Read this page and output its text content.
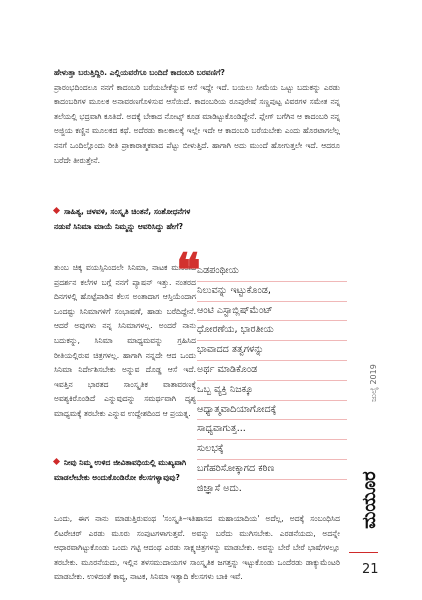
ಹೇಳುತ್ತಾ ಬರುತ್ತಿದ್ದಿರಿ. ಎಲ್ಲಿಯವರೆಗೂ ಬಂದಿದೆ ಕಾದಂಬರಿ ಬರವಣಿಗೆ?
ಪ್ರಾರಂಭದಿಂದಲೂ ನನಗೆ ಕಾದಂಬರಿ ಬರೆಯಬೇಕೆನ್ನುವ ಆಸೆ ಇದ್ದೇ ಇದೆ. ಬಯಲು ಸೀಮೆಯ ಒಟ್ಟು ಬದುಕನ್ನು ಎರಡು ಕಾದಂಬರಿಗಳ ಮೂಲಕ ಅನಾವರಣಗೊಳಿಸುವ ಆಸೆಯಿದೆ. ಕಾದಂಬರಿಯ ರೂಪುರೇಷೆ ಸಣ್ಣಪುಟ್ಟ ವಿವರಗಳ ಸಮೇತ ನನ್ನ ತಲೆಯಲ್ಲಿ ಭದ್ರವಾಗಿ ಕೂತಿದೆ. ಅದಕ್ಕೆ ಬೇಕಾದ ನೋಟ್ಸ್ ಕೂಡ ಮಾಡಿಟ್ಟುಕೊಂಡಿದ್ದೇನೆ. ಪ್ಲೇಗ್ ಬಗೆಗಿನ ಆ ಕಾದಂಬರಿ ನನ್ನ ಅಜ್ಜಿಯ ಕಣ್ಣಿನ ಮೂಲಕದ ಕಥೆ. ಅದೆರಡು ಕಾಲಕಾಲಕ್ಕೆ ಇಲ್ಲೇ ಇದೇ ಆ ಕಾದಂಬರಿ ಬರೆಯಬೇಕು ಎಂದು ಹೊರಟಾಗಲೆಲ್ಲ ನನಗೆ ಒಂದಿಲ್ಲೊಂದು ರೀತಿ ಪ್ರಾಕಾರಾತ್ಮಕವಾದ ಪೆಟ್ಟು ಬೀಳುತ್ತಿದೆ. ಹಾಗಾಗಿ ಅದು ಮುಂದೆ ಹೋಗುತ್ತಲೇ ಇದೆ. ಆದರೂ ಬರೆದೇ ತೀರುತ್ತೇನೆ.

ಸಾಹಿತ್ಯ, ಚಳವಳಿ, ಸಂಸ್ಕೃತಿ ಚಿಂತನೆ, ಸಂಶೋಧನೆಗಳ ನಡುವೆ ಸಿನಿಮಾ ಮಾಯೆ ನಿಮ್ಮನ್ನು ಆವರಿಸಿದ್ದು ಹೇಗೆ?

ತುಂಬ ಚಿಕ್ಕ ವಯಸ್ಸಿನಿಂದಲೇ ಸಿನಿಮಾ, ನಾಟಕ ಮುಂತಾದ ಪ್ರದರ್ಶನ ಕಲೆಗಳ ಬಗ್ಗೆ ನನಗೆ ಪ್ಯಾಷನ್ ಇತ್ತು. ನಂತರದ ದಿನಗಳಲ್ಲಿ ಹೊಟ್ಟೆಪಾಡಿನ ಕೆಲಸ ಅಂತಾದಾಗ ಆಸ್ತಿಯೆಂದಾಗ ಒಂದಷ್ಟು ಸಿನಿಮಾಗಳಿಗೆ ಸಂಭಾಷಣೆ, ಹಾಡು ಬರೆದಿದ್ದೇನೆ. ಆದರೆ ಅವುಗಳು ನನ್ನ ಸಿನಿಮಾಗಳಲ್ಲ. ಅಂದರೆ ನಾನು ಬದುಕನ್ನು, ಸಿನಿಮಾ ಮಾಧ್ಯಮವನ್ನು ಗ್ರಹಿಸಿದ ರೀತಿಯಲ್ಲಿರುವ ಚಿತ್ರಗಳಲ್ಲ. ಹಾಗಾಗಿ ನನ್ನದೇ ಆದ ಒಂದು ಸಿನಿಮಾ ನಿರ್ದೇಶಿಸಬೇಕು ಅನ್ನುವ ದೊಡ್ಡ ಆಸೆ ಇದೆ. ಇವತ್ತಿನ ಭಾರತದ ಸಾಂಸ್ಕೃತಿಕ ವಾತಾವರಣಕ್ಕೆ ಅವಶ್ಯಕಿರೊಂಡಿದೆ ಎನ್ನುವುದನ್ನು ಸಮರ್ಥವಾಗಿ ದೃಶ್ಯ ಮಾಧ್ಯಮಕ್ಕೆ ತರಬೇಕು ಎನ್ನುವ ಉದ್ದೇಶದಿಂದ ಆ ಪ್ರಯತ್ನ.

❝
ಎಡಪಂಥೀಯ
ನಿಲುವನ್ನು ಇಟ್ಟುಕೊಂಡ,
ಆಂಟಿ ಎಸ್ಟಾಬ್ಲಿಷ್‌ಮೆಂಟ್
ಧೋರಣೆಯ, ಭಾರತೀಯ
ಭಾವಾದದ ತತ್ವಗಳನ್ನು
ಅರ್ಥ ಮಾಡಿಕೊಂಡ
ಒಬ್ಬ ವ್ಯಕ್ತಿ ನಿಜಕ್ಕೂ
ಆಧ್ಯಾತ್ಮವಾದಿಯಾಗೋದಕ್ಕೆ
ಸಾಧ್ಯವಾಗುತ್ತ...
ಸುಲಭಕ್ಕೆ
ಬಗೆಹರಿಸೋಕ್ಕಾಗದ ಕಠಿಣ
ಜಿಜ್ಞಾಸೆ ಅದು.

ನೀವು ನಿಮ್ಮ ಉಳಿದ ಜೀವಿತಾವಧಿಯಲ್ಲಿ ಮುಖ್ಯವಾಗಿ ಮಾಡಲೇಬೇಕು ಅಂದುಕೊಂಡಿರೋ ಕೆಲಸಗಳ್ಯಾವುವು?

ಒಂದು, ಈಗ ನಾನು ಮಾಡುತ್ತಿರುವಂಥ 'ಸಂಸ್ಕೃತಿ–ಇತಿಹಾಸದ ಮಹಾಯಾದಿಯ' ಅದೆಲ್ಲ, ಅದಕ್ಕೆ ಸಂಬಂಧಿಸಿದ ಲಿಟರೇಚರ್ ಎರಡು ಮೂರು ಸಂಪುಟಗಳಾಗುತ್ತವೆ. ಅವನ್ನು ಬರೆದು ಮುಗಿಸಬೇಕು. ಎರಡನೆಯದು, ಅದನ್ನೇ ಆಧಾರವಾಗಿಟ್ಟುಕೊಂಡು ಒಂದು ಗಟ್ಟಿ ಆದಂಥ ಎರಡು ಸಾಕ್ಷ್ಯಚಿತ್ರಗಳನ್ನು ಮಾಡಬೇಕು. ಅವನ್ನು ಬೇರೆ ಬೇರೆ ಭಾಷೆಗಳಲ್ಲೂ ತರಬೇಕು. ಮೂರನೆಯದು, ಇಲ್ಲಿನ ತಳಸಮುದಾಯಗಳ ಸಾಂಸ್ಕೃತಿಕ ಜಗತ್ತನ್ನು ಇಟ್ಟುಕೊಂಡು ಒಂದೆರಡು ಡಾಕ್ಯುಮೆಂಟರಿ ಮಾಡಬೇಕು. ಉಳಿದಂತೆ ಕಾವ್ಯ, ನಾಟಕ, ಸಿನಿಮಾ ಇತ್ಯಾದಿ ಕೆಲಸಗಳು ಬಾಕಿ ಇವೆ.

ಜುಲೈ 2019
ಮಯೂರ
21
